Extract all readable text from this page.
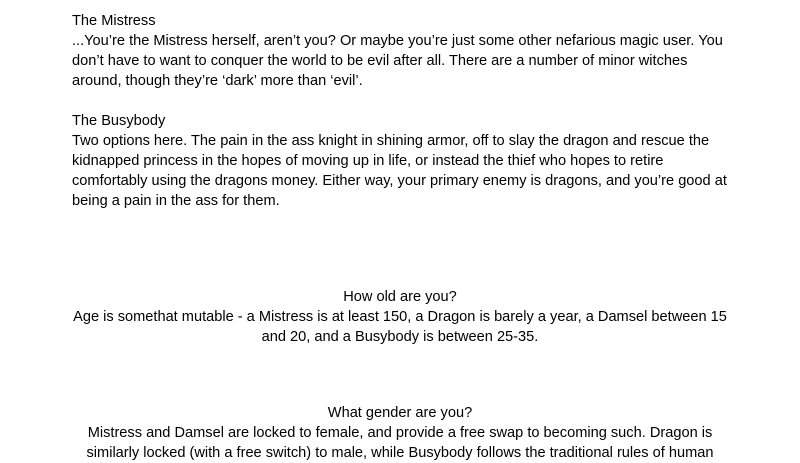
The Mistress

...You’re the Mistress herself, aren’t you? Or maybe you’re just some other nefarious magic user. You don’t have to want to conquer the world to be evil after all. There are a number of minor witches around, though they’re ‘dark’ more than ‘evil’.

The Busybody

Two options here. The pain in the ass knight in shining armor, off to slay the dragon and rescue the kidnapped princess in the hopes of moving up in life, or instead the thief who hopes to retire comfortably using the dragons money. Either way, your primary enemy is dragons, and you’re good at being a pain in the ass for them.

How old are you?

Age is somethat mutable - a Mistress is at least 150, a Dragon is barely a year, a Damsel between 15 and 20, and a Busybody is between 25-35.

What gender are you?

Mistress and Damsel are locked to female, and provide a free swap to becoming such. Dragon is similarly locked (with a free switch) to male, while Busybody follows the traditional rules of human
